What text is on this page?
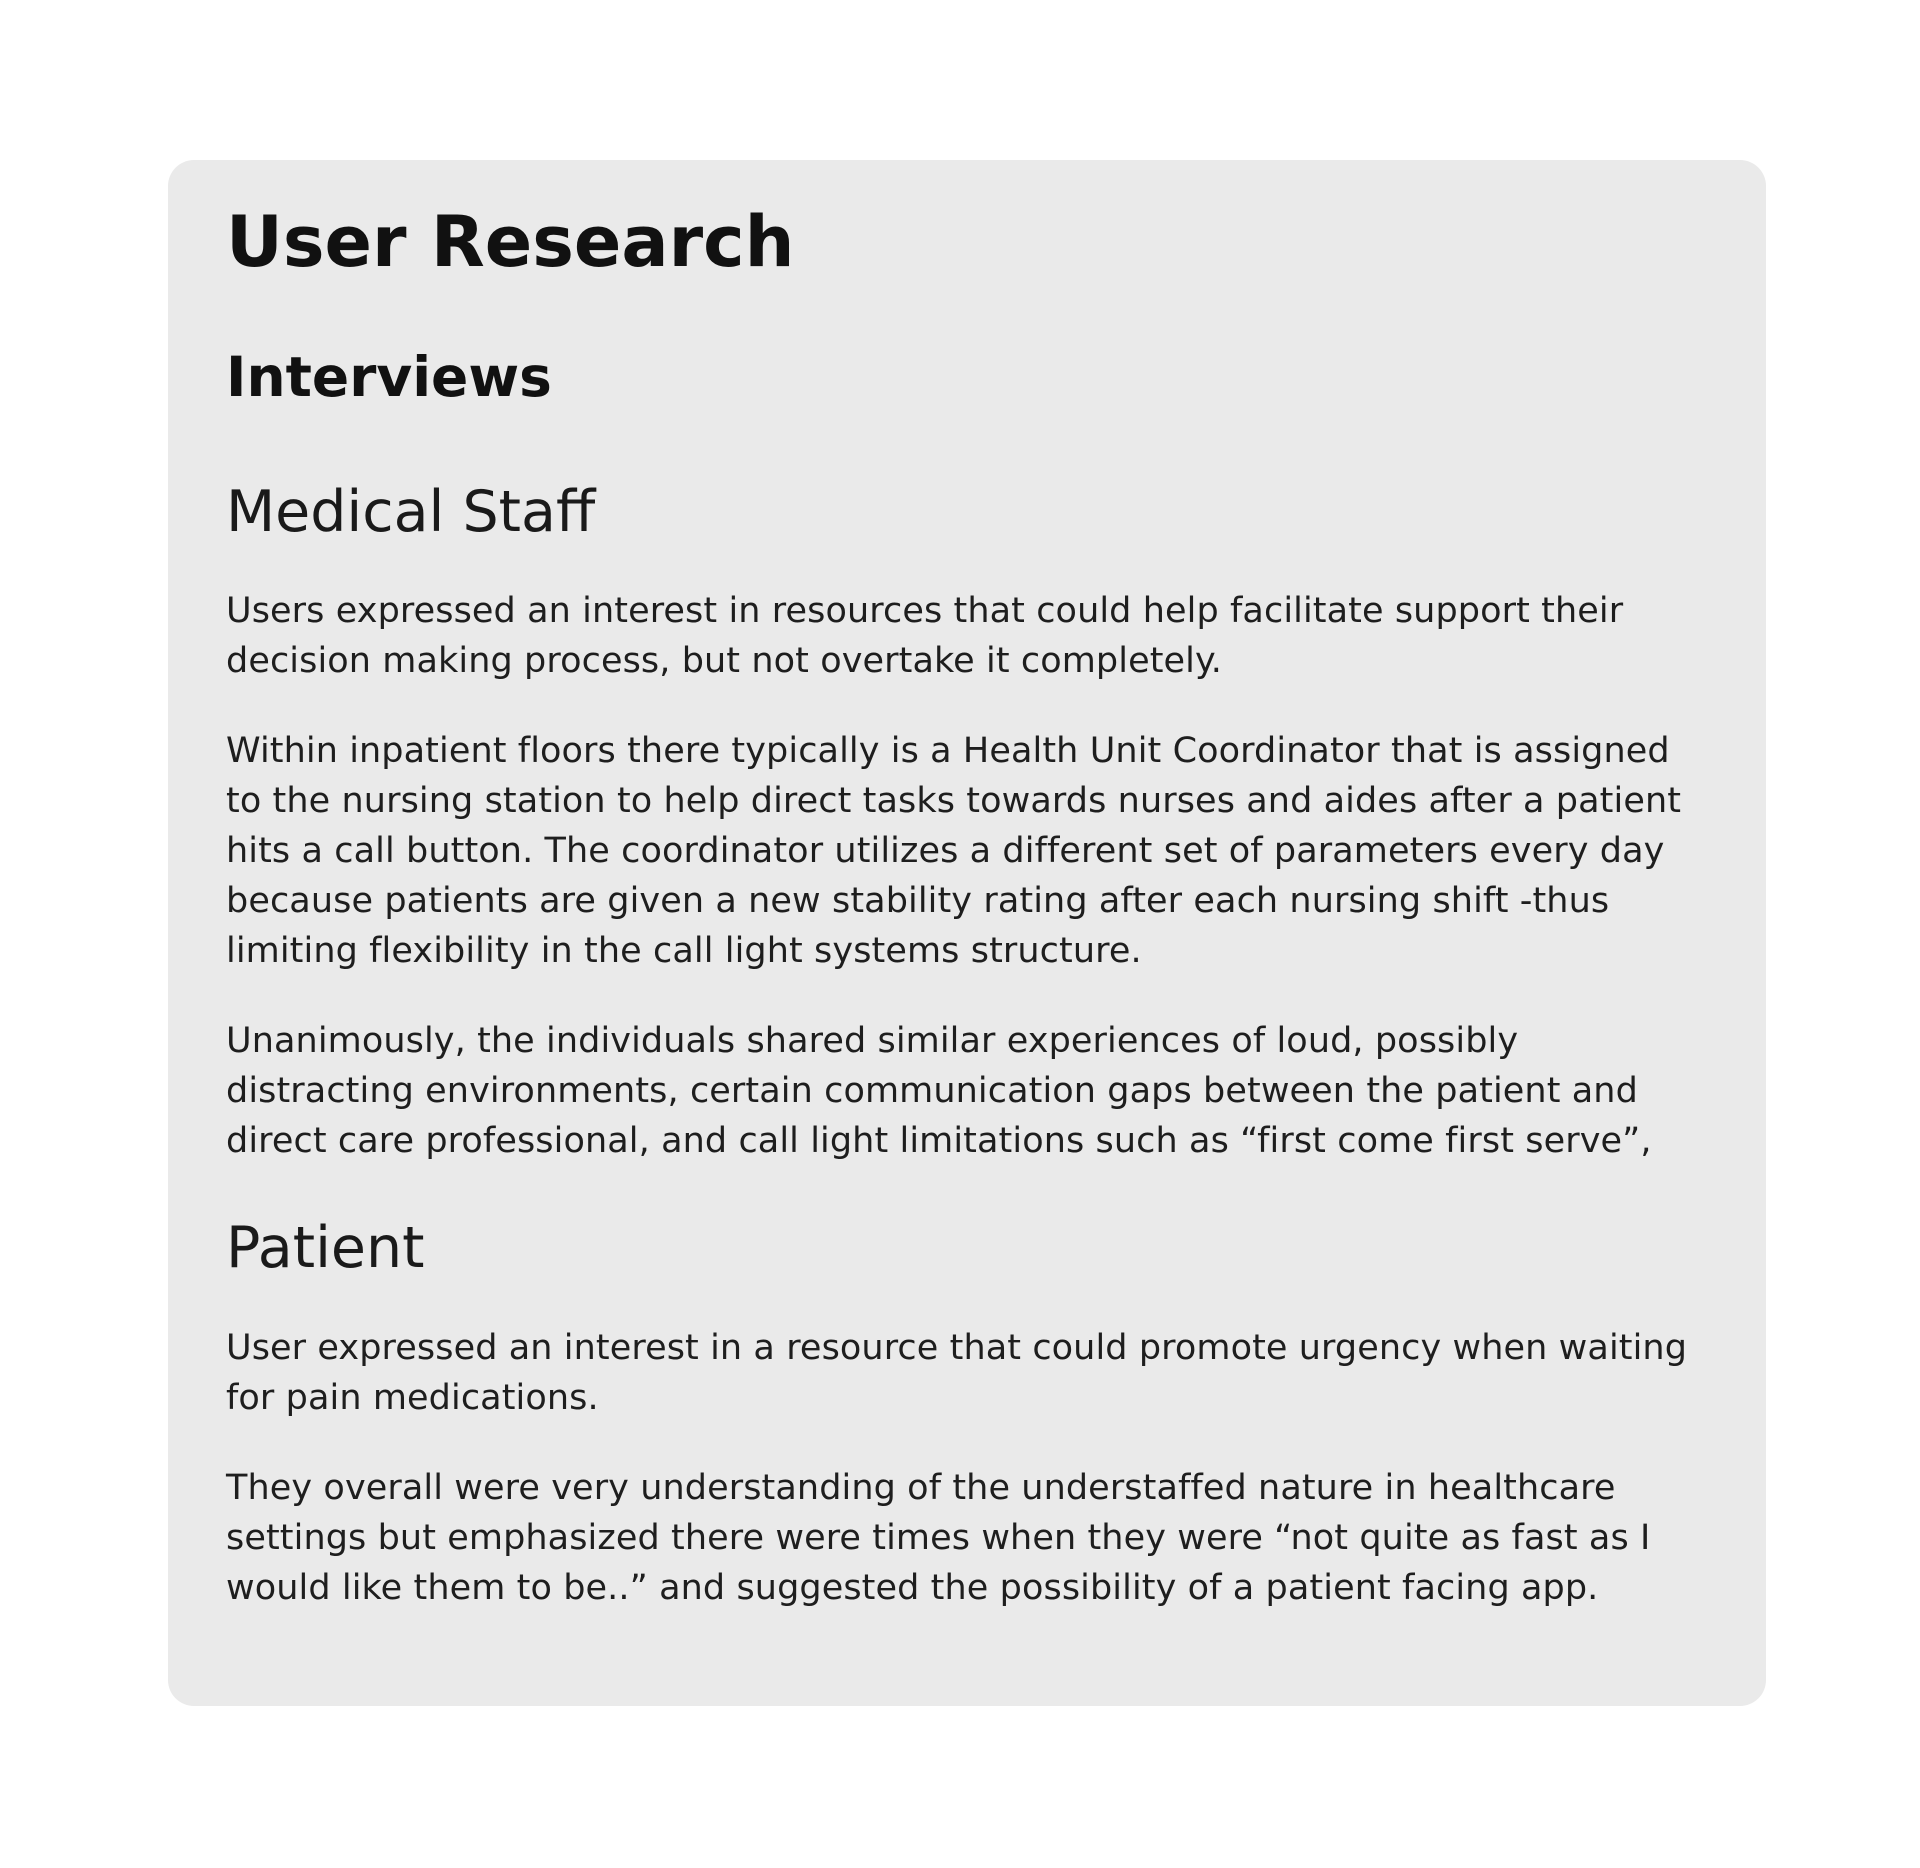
User Research
Interviews
Medical Staff

Users expressed an interest in resources that could help facilitate support their decision making process, but not overtake it completely.

Within inpatient floors there typically is a Health Unit Coordinator that is assigned to the nursing station to help direct tasks towards nurses and aides after a patient hits a call button. The coordinator utilizes a different set of parameters every day because patients are given a new stability rating after each nursing shift -thus limiting flexibility in the call light systems structure.

Unanimously, the individuals shared similar experiences of loud, possibly distracting environments, certain communication gaps between the patient and direct care professional, and call light limitations such as “first come first serve”,

Patient

User expressed an interest in a resource that could promote urgency when waiting for pain medications.

They overall were very understanding of the understaffed nature in healthcare settings but emphasized there were times when they were “not quite as fast as I would like them to be..” and suggested the possibility of a patient facing app.
